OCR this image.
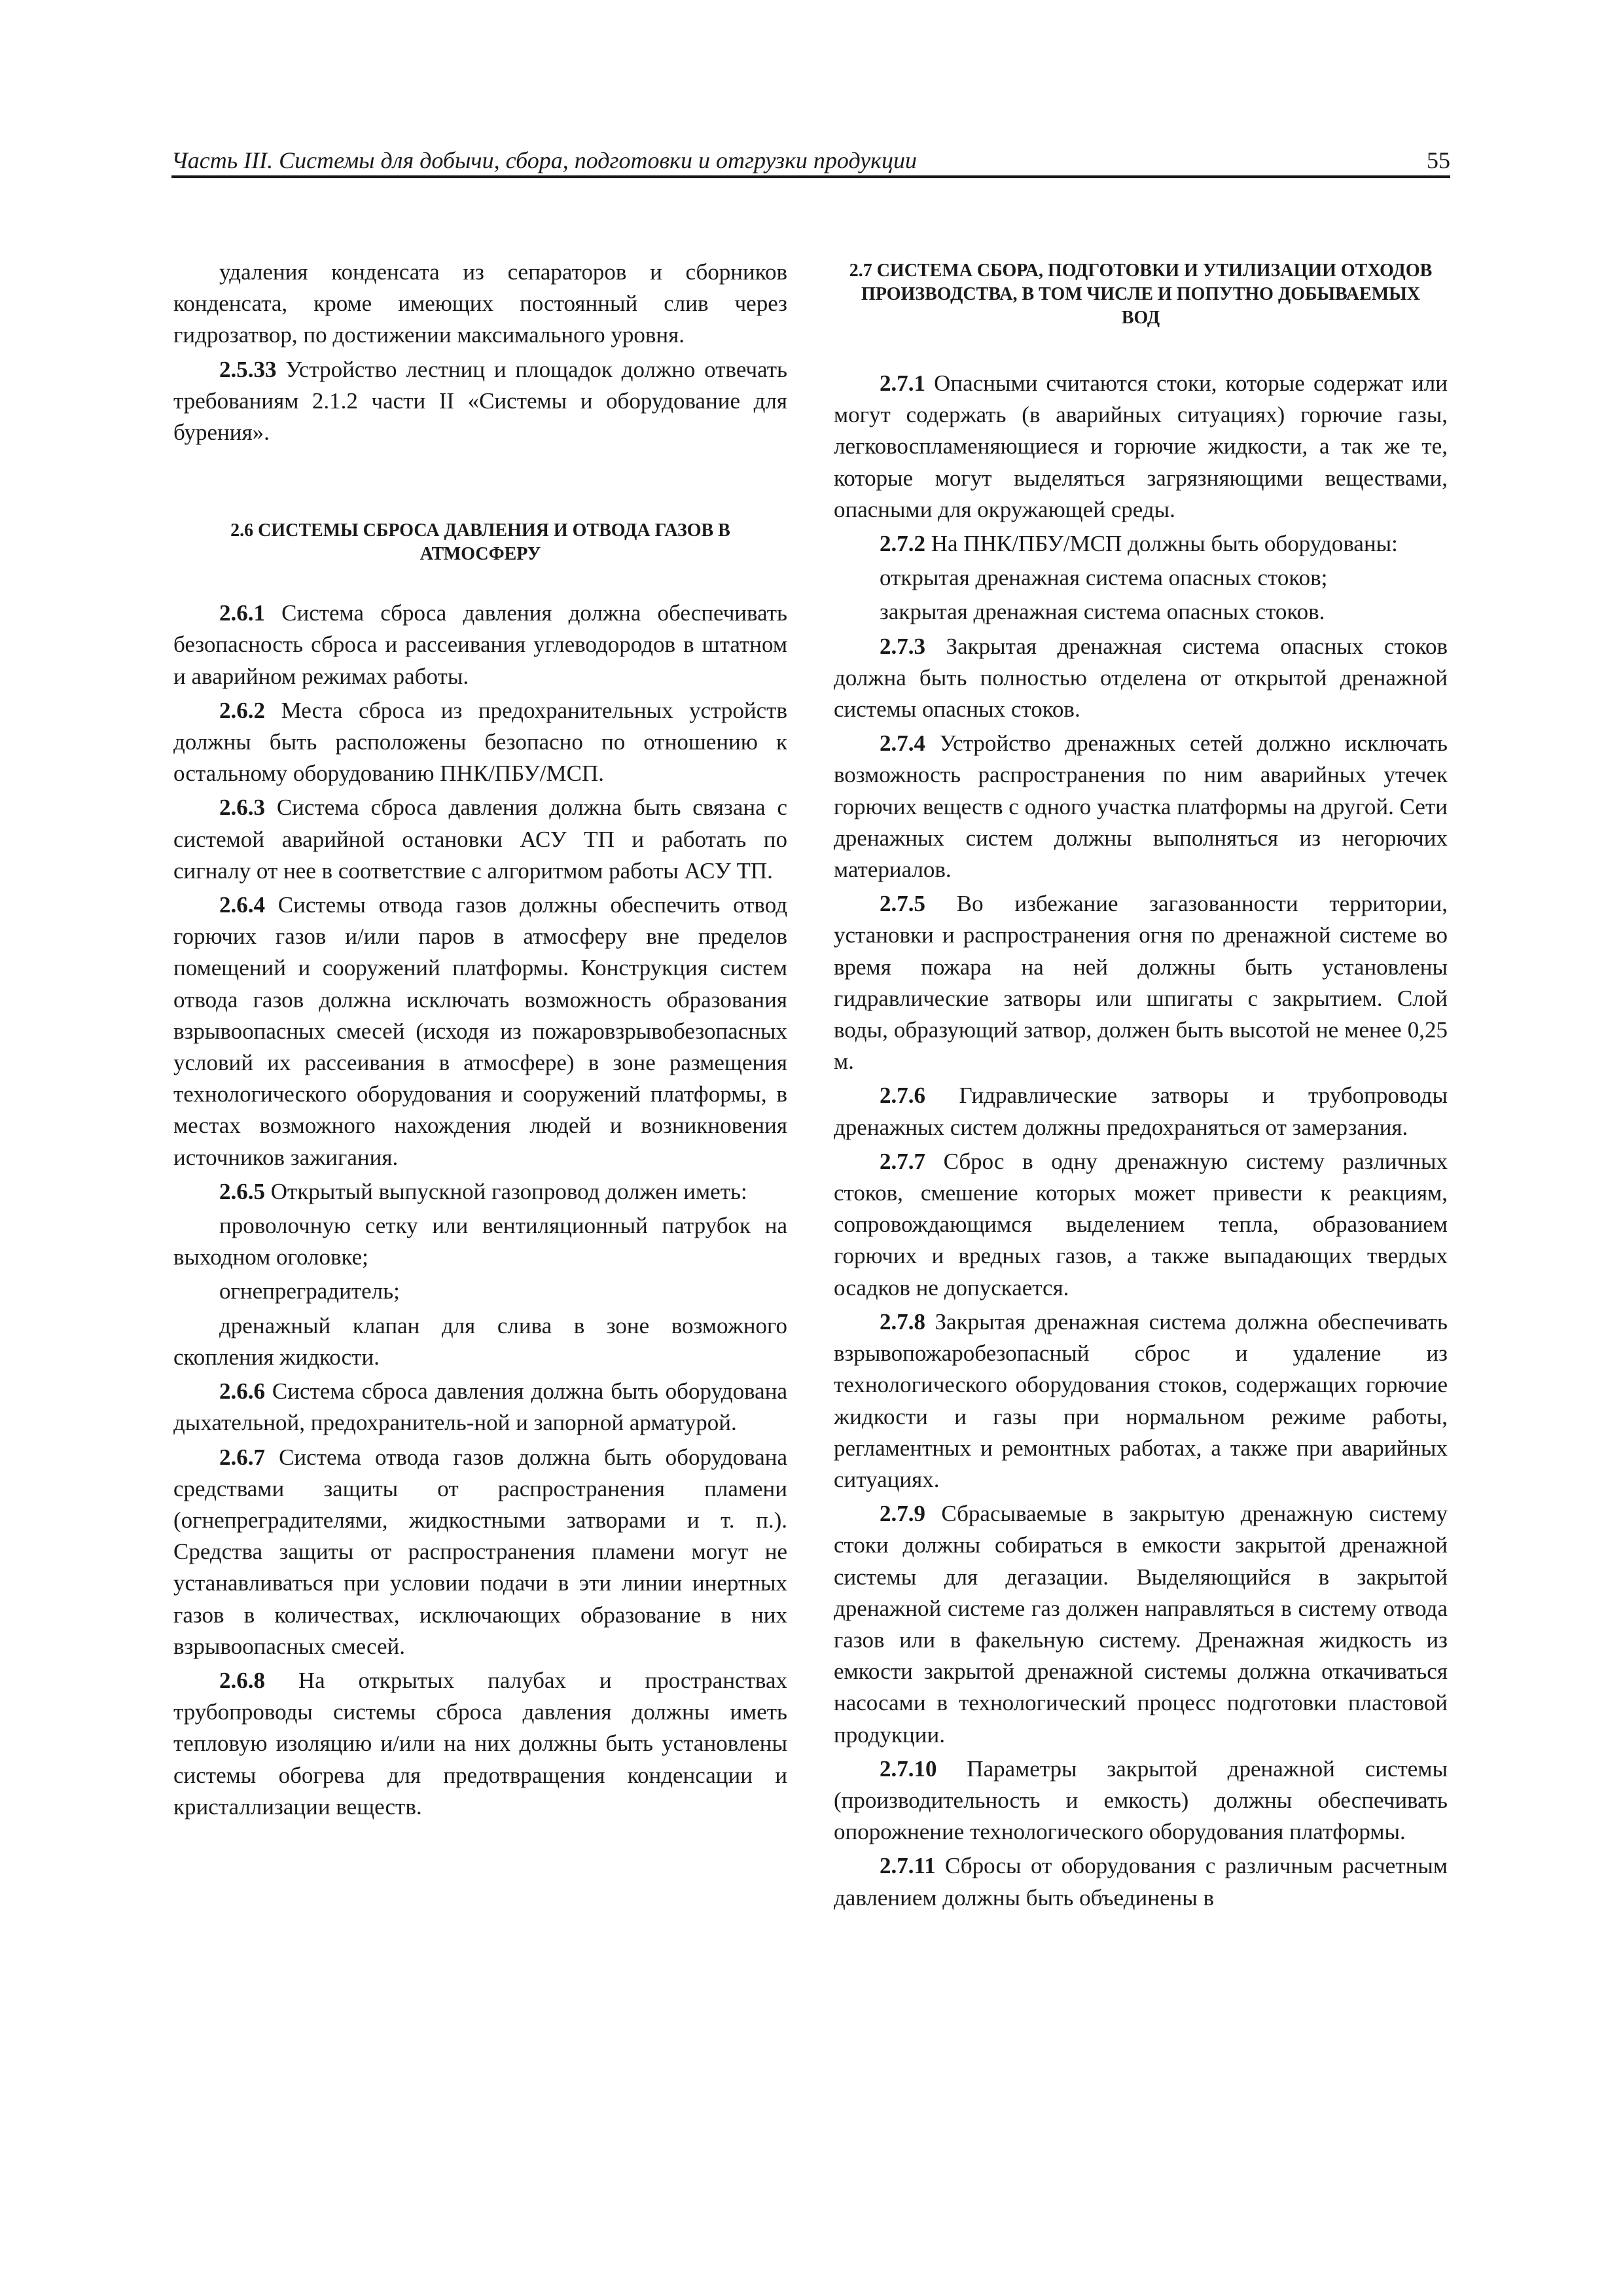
Часть III. Системы для добычи, сбора, подготовки и отгрузки продукции	55

удаления конденсата из сепараторов и сборников конденсата, кроме имеющих постоянный слив через гидрозатвор, по достижении максимального уровня.

2.5.33 Устройство лестниц и площадок должно отвечать требованиям 2.1.2 части II «Системы и оборудование для бурения».

2.6 СИСТЕМЫ СБРОСА ДАВЛЕНИЯ И ОТВОДА ГАЗОВ В АТМОСФЕРУ

2.6.1 Система сброса давления должна обеспечивать безопасность сброса и рассеивания углеводородов в штатном и аварийном режимах работы.

2.6.2 Места сброса из предохранительных устройств должны быть расположены безопасно по отношению к остальному оборудованию ПНК/ПБУ/МСП.

2.6.3 Система сброса давления должна быть связана с системой аварийной остановки АСУ ТП и работать по сигналу от нее в соответствие с алгоритмом работы АСУ ТП.

2.6.4 Системы отвода газов должны обеспечить отвод горючих газов и/или паров в атмосферу вне пределов помещений и сооружений платформы. Конструкция систем отвода газов должна исключать возможность образования взрывоопасных смесей (исходя из пожаровзрывобезопасных условий их рассеивания в атмосфере) в зоне размещения технологического оборудования и сооружений платформы, в местах возможного нахождения людей и возникновения источников зажигания.

2.6.5 Открытый выпускной газопровод должен иметь:

проволочную сетку или вентиляционный патрубок на выходном оголовке;

огнепреградитель;

дренажный клапан для слива в зоне возможного скопления жидкости.

2.6.6 Система сброса давления должна быть оборудована дыхательной, предохранитель-ной и запорной арматурой.

2.6.7 Система отвода газов должна быть оборудована средствами защиты от распространения пламени (огнепреградителями, жидкостными затворами и т. п.). Средства защиты от распространения пламени могут не устанавливаться при условии подачи в эти линии инертных газов в количествах, исключающих образование в них взрывоопасных смесей.

2.6.8 На открытых палубах и пространствах трубопроводы системы сброса давления должны иметь тепловую изоляцию и/или на них должны быть установлены системы обогрева для предотвращения конденсации и кристаллизации веществ.

2.7 СИСТЕМА СБОРА, ПОДГОТОВКИ И УТИЛИЗАЦИИ ОТХОДОВ ПРОИЗВОДСТВА, В ТОМ ЧИСЛЕ И ПОПУТНО ДОБЫВАЕМЫХ ВОД

2.7.1 Опасными считаются стоки, которые содержат или могут содержать (в аварийных ситуациях) горючие газы, легковоспламеняющиеся и горючие жидкости, а так же те, которые могут выделяться загрязняющими веществами, опасными для окружающей среды.

2.7.2 На ПНК/ПБУ/МСП должны быть оборудованы:

открытая дренажная система опасных стоков;

закрытая дренажная система опасных стоков.

2.7.3 Закрытая дренажная система опасных стоков должна быть полностью отделена от открытой дренажной системы опасных стоков.

2.7.4 Устройство дренажных сетей должно исключать возможность распространения по ним аварийных утечек горючих веществ с одного участка платформы на другой. Сети дренажных систем должны выполняться из негорючих материалов.

2.7.5 Во избежание загазованности территории, установки и распространения огня по дренажной системе во время пожара на ней должны быть установлены гидравлические затворы или шпигаты с закрытием. Слой воды, образующий затвор, должен быть высотой не менее 0,25 м.

2.7.6 Гидравлические затворы и трубопроводы дренажных систем должны предохраняться от замерзания.

2.7.7 Сброс в одну дренажную систему различных стоков, смешение которых может привести к реакциям, сопровождающимся выделением тепла, образованием горючих и вредных газов, а также выпадающих твердых осадков не допускается.

2.7.8 Закрытая дренажная система должна обеспечивать взрывопожаробезопасный сброс и удаление из технологического оборудования стоков, содержащих горючие жидкости и газы при нормальном режиме работы, регламентных и ремонтных работах, а также при аварийных ситуациях.

2.7.9 Сбрасываемые в закрытую дренажную систему стоки должны собираться в емкости закрытой дренажной системы для дегазации. Выделяющийся в закрытой дренажной системе газ должен направляться в систему отвода газов или в факельную систему. Дренажная жидкость из емкости закрытой дренажной системы должна откачиваться насосами в технологический процесс подготовки пластовой продукции.

2.7.10 Параметры закрытой дренажной системы (производительность и емкость) должны обеспечивать опорожнение технологического оборудования платформы.

2.7.11 Сбросы от оборудования с различным расчетным давлением должны быть объединены в
